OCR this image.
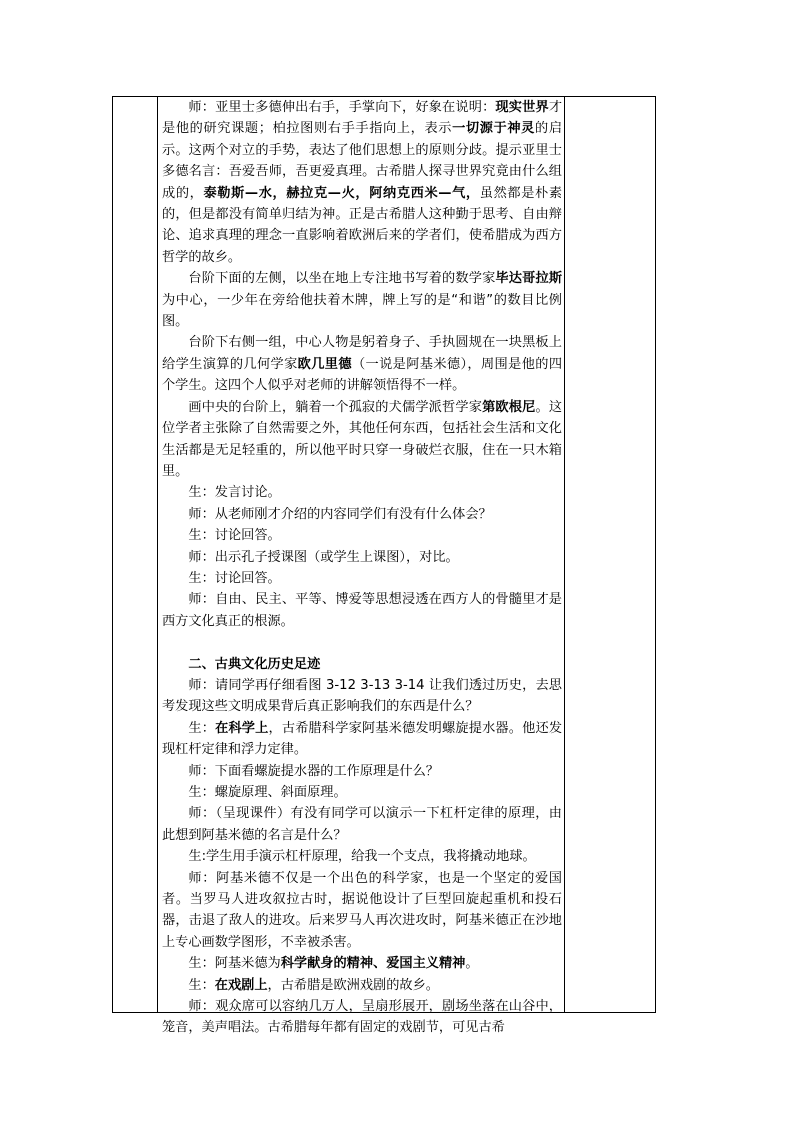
师：亚里士多德伸出右手，手掌向下，好象在说明：现实世界才是他的研究课题；柏拉图则右手手指向上，表示一切源于神灵的启示。这两个对立的手势，表达了他们思想上的原则分歧。提示亚里士多德名言：吾爱吾师，吾更爱真理。古希腊人探寻世界究竟由什么组成的，泰勒斯—水，赫拉克—火，阿纳克西米—气，虽然都是朴素的，但是都没有简单归结为神。正是古希腊人这种勤于思考、自由辩论、追求真理的理念一直影响着欧洲后来的学者们，使希腊成为西方哲学的故乡。

台阶下面的左侧，以坐在地上专注地书写着的数学家毕达哥拉斯为中心，一少年在旁给他扶着木牌，牌上写的是“和谐”的数目比例图。

台阶下右侧一组，中心人物是躬着身子、手执圆规在一块黑板上给学生演算的几何学家欧几里德（一说是阿基米德），周围是他的四个学生。这四个人似乎对老师的讲解领悟得不一样。

画中央的台阶上，躺着一个孤寂的犬儒学派哲学家第欧根尼。这位学者主张除了自然需要之外，其他任何东西，包括社会生活和文化生活都是无足轻重的，所以他平时只穿一身破烂衣服，住在一只木箱里。

生：发言讨论。

师：从老师刚才介绍的内容同学们有没有什么体会？

生：讨论回答。

师：出示孔子授课图（或学生上课图），对比。

生：讨论回答。

师：自由、民主、平等、博爱等思想浸透在西方人的骨髓里才是西方文化真正的根源。

二、古典文化历史足迹

师：请同学再仔细看图 3-12 3-13 3-14 让我们透过历史，去思考发现这些文明成果背后真正影响我们的东西是什么？

生：在科学上，古希腊科学家阿基米德发明螺旋提水器。他还发现杠杆定律和浮力定律。

师：下面看螺旋提水器的工作原理是什么？

生：螺旋原理、斜面原理。

师：（呈现课件）有没有同学可以演示一下杠杆定律的原理，由此想到阿基米德的名言是什么？

生:学生用手演示杠杆原理，给我一个支点，我将撬动地球。

师：阿基米德不仅是一个出色的科学家，也是一个坚定的爱国者。当罗马人进攻叙拉古时，据说他设计了巨型回旋起重机和投石器，击退了敌人的进攻。后来罗马人再次进攻时，阿基米德正在沙地上专心画数学图形，不幸被杀害。

生：阿基米德为科学献身的精神、爱国主义精神。

生：在戏剧上，古希腊是欧洲戏剧的故乡。

师：观众席可以容纳几万人，呈扇形展开，剧场坐落在山谷中，笼音，美声唱法。古希腊每年都有固定的戏剧节，可见古希
